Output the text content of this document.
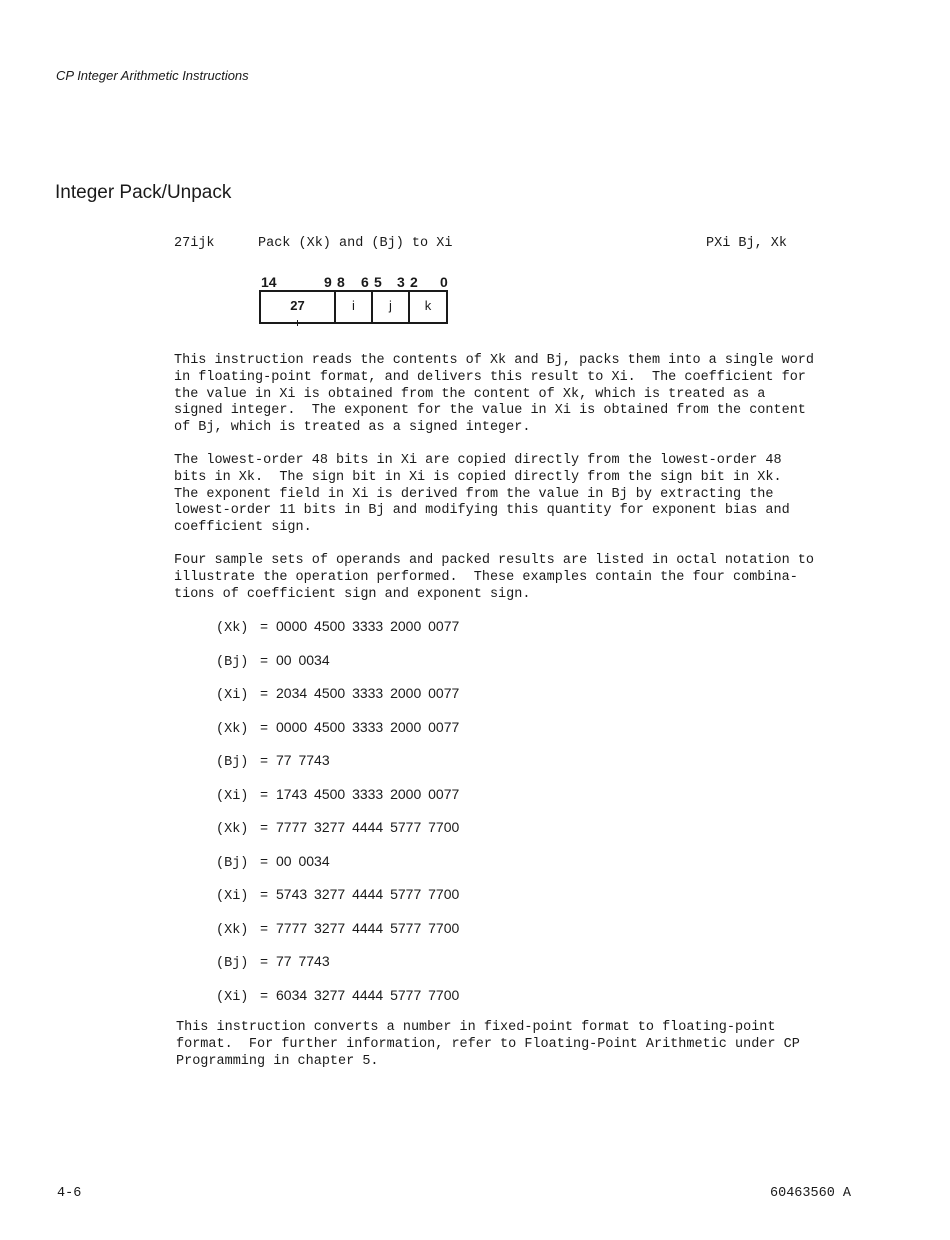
CP Integer Arithmetic Instructions
Integer Pack/Unpack
27ijk	Pack (Xk) and (Bj) to Xi	PXi Bj, Xk
14	9 8 6 5 3 2 0
27	i	j	k

This instruction reads the contents of Xk and Bj, packs them into a single word
in floating-point format, and delivers this result to Xi.  The coefficient for
the value in Xi is obtained from the content of Xk, which is treated as a
signed integer.  The exponent for the value in Xi is obtained from the content
of Bj, which is treated as a signed integer.

The lowest-order 48 bits in Xi are copied directly from the lowest-order 48
bits in Xk.  The sign bit in Xi is copied directly from the sign bit in Xk.
The exponent field in Xi is derived from the value in Bj by extracting the
lowest-order 11 bits in Bj and modifying this quantity for exponent bias and
coefficient sign.

Four sample sets of operands and packed results are listed in octal notation to
illustrate the operation performed.  These examples contain the four combina-
tions of coefficient sign and exponent sign.

(Xk) = 0000 4500 3333 2000 0077
(Bj) = 00 0034
(Xi) = 2034 4500 3333 2000 0077
(Xk) = 0000 4500 3333 2000 0077
(Bj) = 77 7743
(Xi) = 1743 4500 3333 2000 0077
(Xk) = 7777 3277 4444 5777 7700
(Bj) = 00 0034
(Xi) = 5743 3277 4444 5777 7700
(Xk) = 7777 3277 4444 5777 7700
(Bj) = 77 7743
(Xi) = 6034 3277 4444 5777 7700

This instruction converts a number in fixed-point format to floating-point
format.  For further information, refer to Floating-Point Arithmetic under CP
Programming in chapter 5.

4-6	60463560 A
